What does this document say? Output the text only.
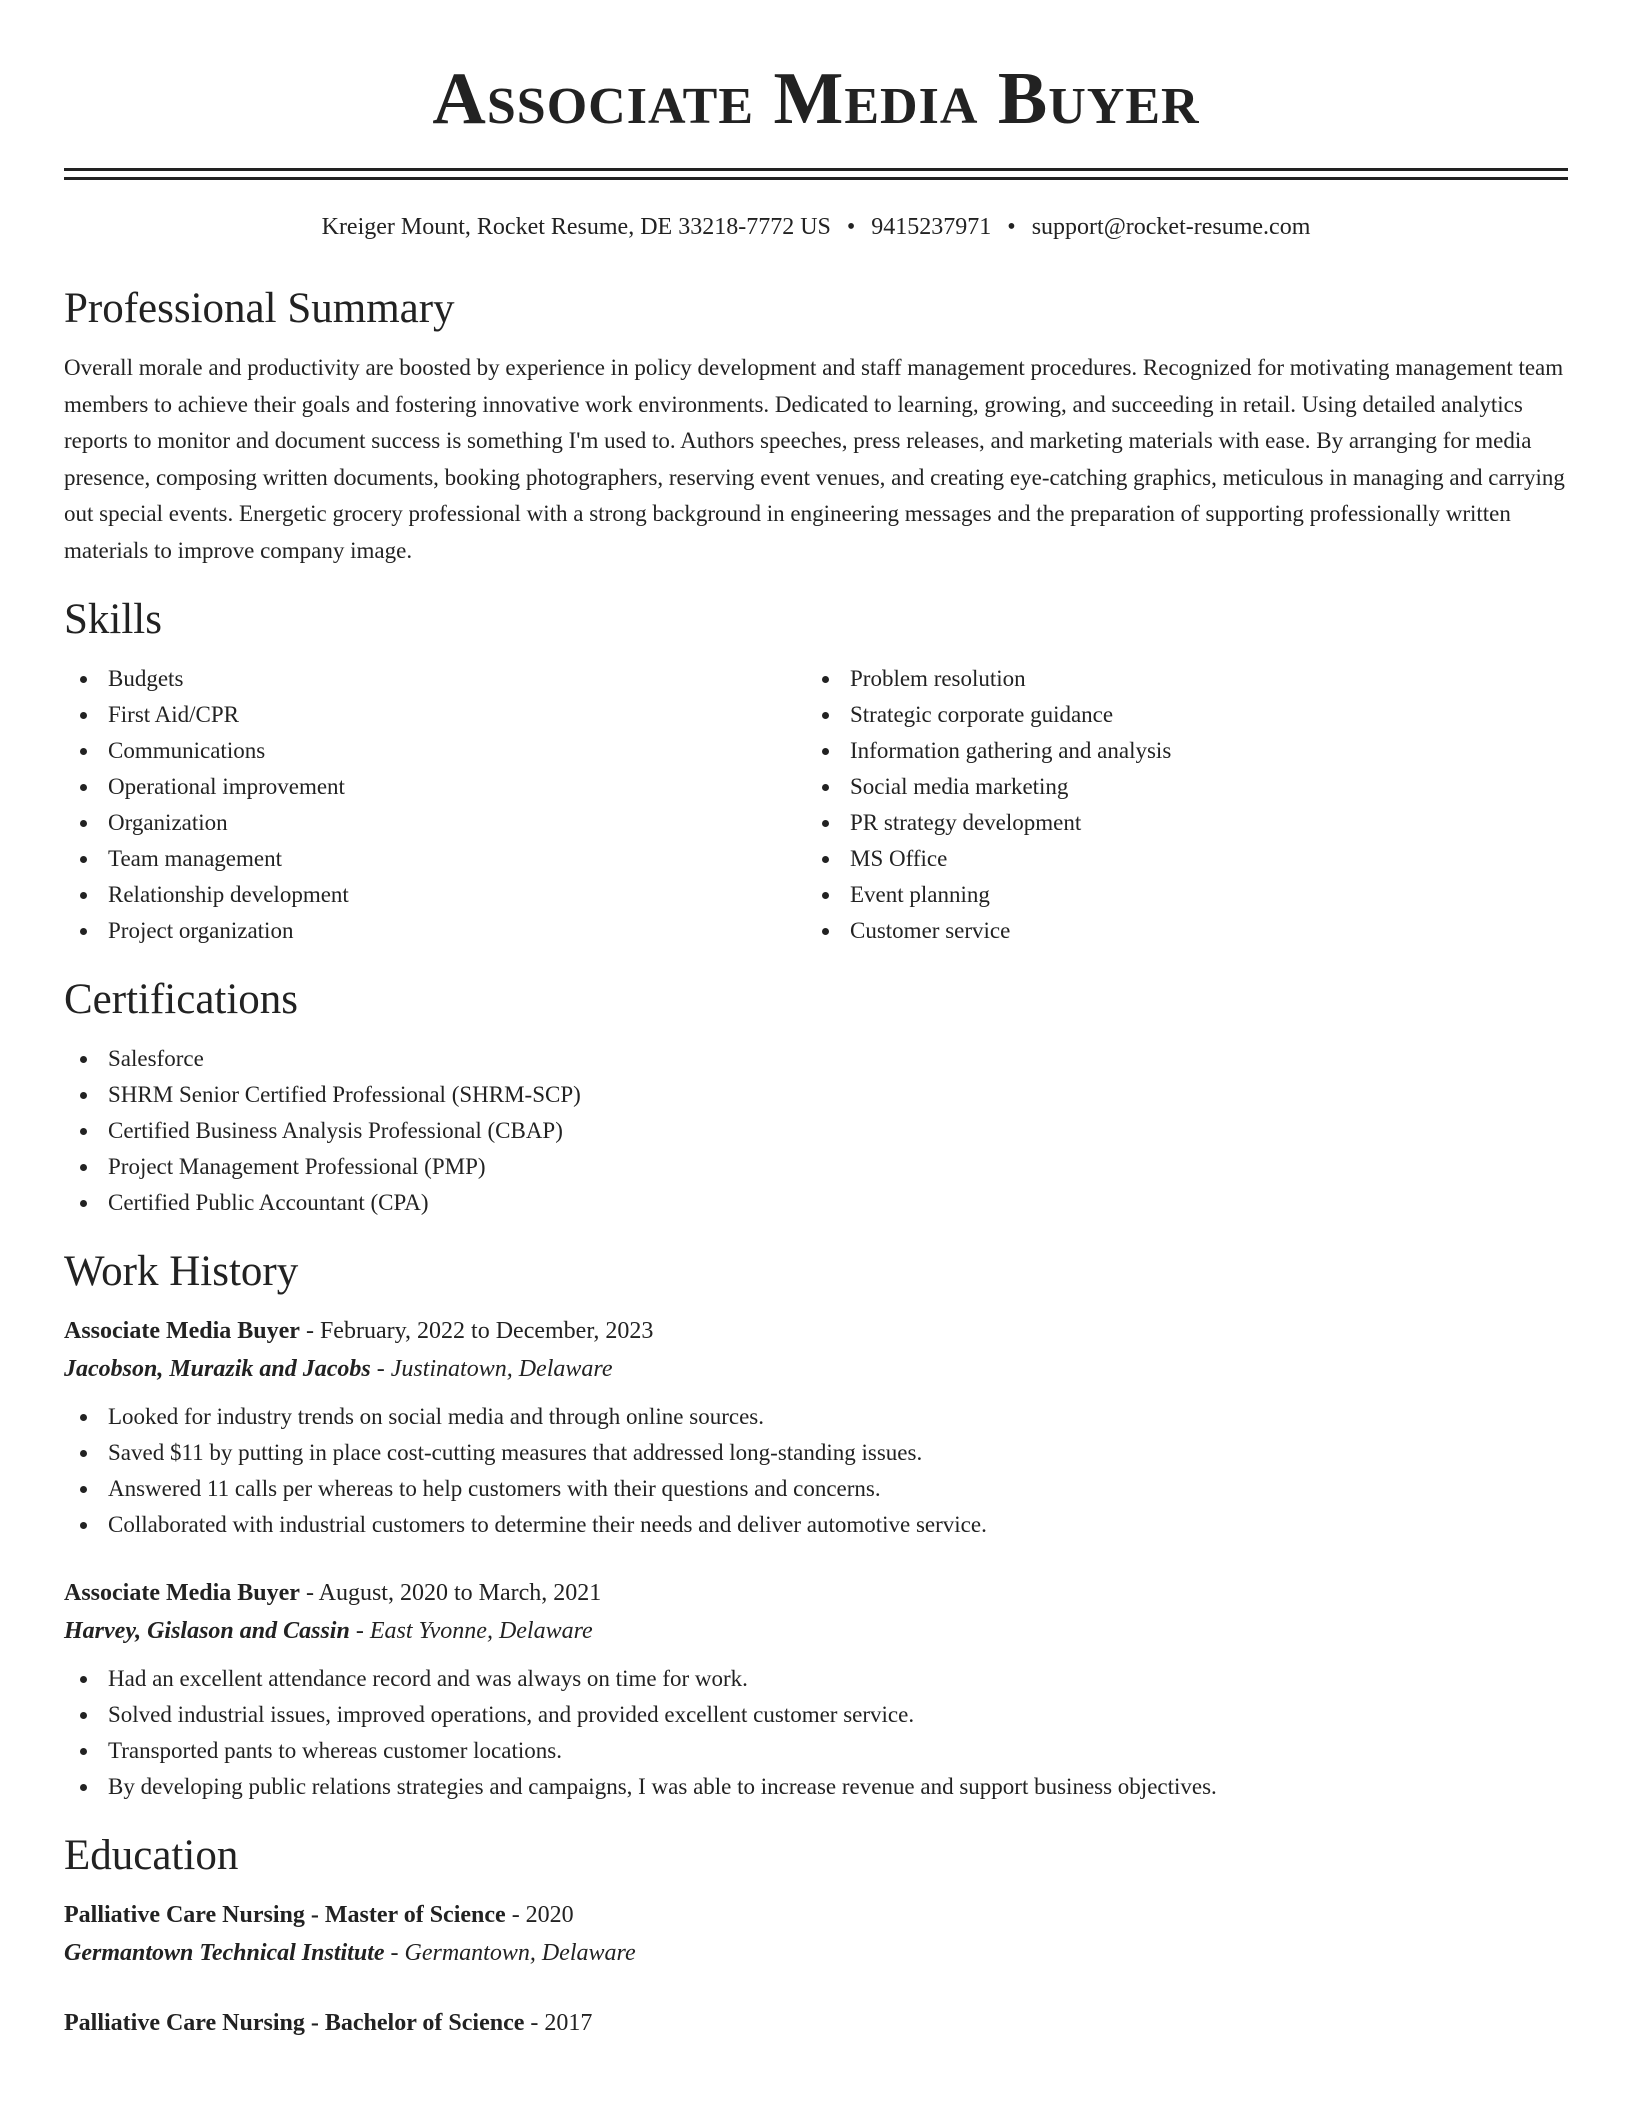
Associate Media Buyer
Kreiger Mount, Rocket Resume, DE 33218-7772 US • 9415237971 • support@rocket-resume.com
Professional Summary

Overall morale and productivity are boosted by experience in policy development and staff management procedures. Recognized for motivating management team members to achieve their goals and fostering innovative work environments. Dedicated to learning, growing, and succeeding in retail. Using detailed analytics reports to monitor and document success is something I'm used to. Authors speeches, press releases, and marketing materials with ease. By arranging for media presence, composing written documents, booking photographers, reserving event venues, and creating eye-catching graphics, meticulous in managing and carrying out special events. Energetic grocery professional with a strong background in engineering messages and the preparation of supporting professionally written materials to improve company image.

Skills
Budgets
First Aid/CPR
Communications
Operational improvement
Organization
Team management
Relationship development
Project organization
Problem resolution
Strategic corporate guidance
Information gathering and analysis
Social media marketing
PR strategy development
MS Office
Event planning
Customer service
Certifications
Salesforce
SHRM Senior Certified Professional (SHRM-SCP)
Certified Business Analysis Professional (CBAP)
Project Management Professional (PMP)
Certified Public Accountant (CPA)
Work History
Associate Media Buyer - February, 2022 to December, 2023
Jacobson, Murazik and Jacobs - Justinatown, Delaware
Looked for industry trends on social media and through online sources.
Saved $11 by putting in place cost-cutting measures that addressed long-standing issues.
Answered 11 calls per whereas to help customers with their questions and concerns.
Collaborated with industrial customers to determine their needs and deliver automotive service.
Associate Media Buyer - August, 2020 to March, 2021
Harvey, Gislason and Cassin - East Yvonne, Delaware
Had an excellent attendance record and was always on time for work.
Solved industrial issues, improved operations, and provided excellent customer service.
Transported pants to whereas customer locations.
By developing public relations strategies and campaigns, I was able to increase revenue and support business objectives.
Education
Palliative Care Nursing - Master of Science - 2020
Germantown Technical Institute - Germantown, Delaware
Palliative Care Nursing - Bachelor of Science - 2017
